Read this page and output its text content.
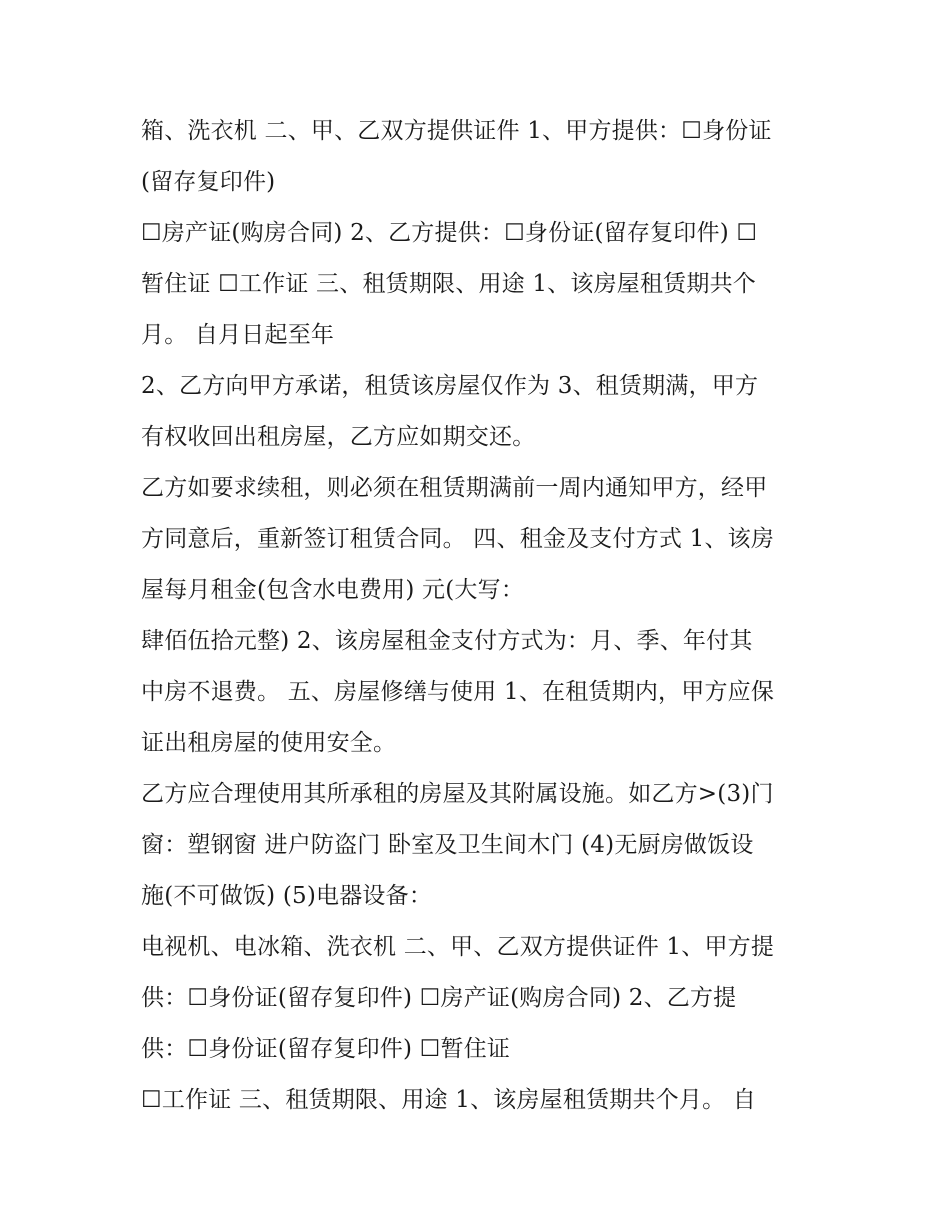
箱、洗衣机 二、甲、乙双方提供证件 1、甲方提供：☐身份证
(留存复印件)
☐房产证(购房合同) 2、乙方提供：☐身份证(留存复印件) ☐
暂住证 ☐工作证 三、租赁期限、用途 1、该房屋租赁期共个
月。 自月日起至年
2、乙方向甲方承诺，租赁该房屋仅作为 3、租赁期满，甲方
有权收回出租房屋，乙方应如期交还。
乙方如要求续租，则必须在租赁期满前一周内通知甲方，经甲
方同意后，重新签订租赁合同。 四、租金及支付方式 1、该房
屋每月租金(包含水电费用) 元(大写：
肆佰伍拾元整) 2、该房屋租金支付方式为：月、季、年付其
中房不退费。 五、房屋修缮与使用 1、在租赁期内，甲方应保
证出租房屋的使用安全。
乙方应合理使用其所承租的房屋及其附属设施。如乙方>(3)门
窗：塑钢窗 进户防盗门 卧室及卫生间木门 (4)无厨房做饭设
施(不可做饭) (5)电器设备：
电视机、电冰箱、洗衣机 二、甲、乙双方提供证件 1、甲方提
供：☐身份证(留存复印件) ☐房产证(购房合同) 2、乙方提
供：☐身份证(留存复印件) ☐暂住证
☐工作证 三、租赁期限、用途 1、该房屋租赁期共个月。 自
